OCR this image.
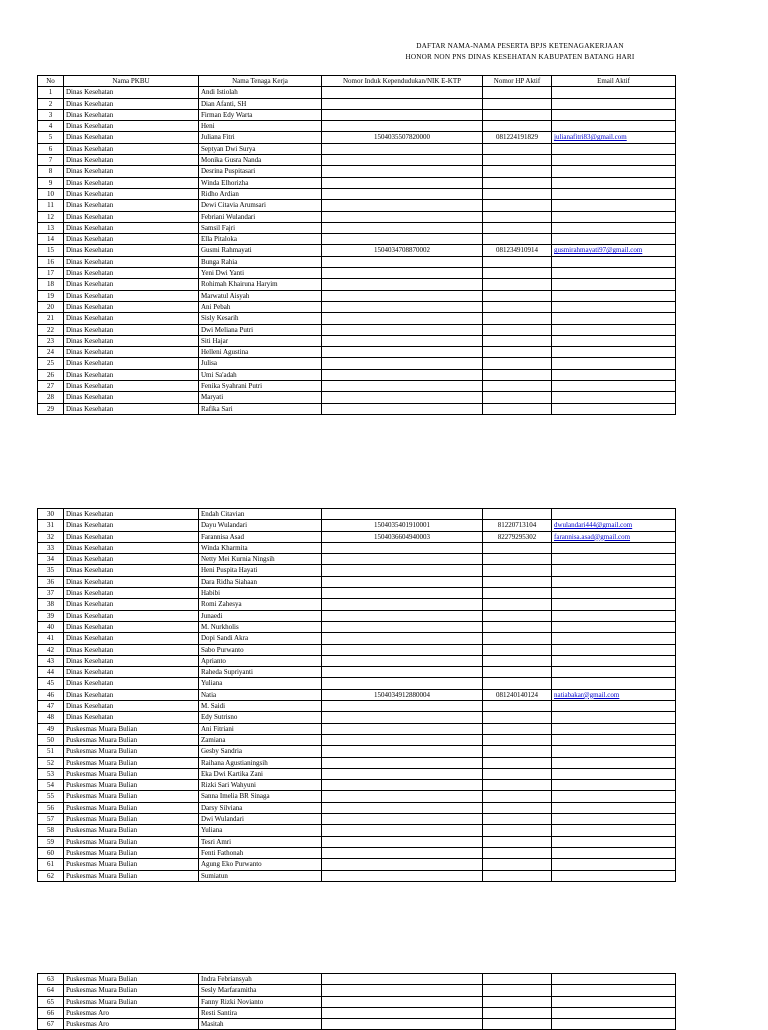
DAFTAR NAMA-NAMA PESERTA BPJS KETENAGAKERJAAN
HONOR NON PNS DINAS KESEHATAN KABUPATEN BATANG HARI
No	Nama PKBU	Nama Tenaga Kerja	Nomor Induk Kependudukan/NIK E-KTP	Nomor HP Aktif	Email Aktif
1	Dinas Kesehatan	Andi Istiolah			
2	Dinas Kesehatan	Dian Afanti, SH			
3	Dinas Kesehatan	Firman Edy Warta			
4	Dinas Kesehatan	Heni			
5	Dinas Kesehatan	Juliana Fitri	1504035507820000	081224191829	julianafitri83@gmail.com
6	Dinas Kesehatan	Septyan Dwi Surya			
7	Dinas Kesehatan	Monika Gusra Nanda			
8	Dinas Kesehatan	Desrina Puspitasari			
9	Dinas Kesehatan	Winda Elhorizha			
10	Dinas Kesehatan	Ridho Ardian			
11	Dinas Kesehatan	Dewi Citavia Arumsari			
12	Dinas Kesehatan	Febriani Wulandari			
13	Dinas Kesehatan	Samsil Fajri			
14	Dinas Kesehatan	Ella Pitaloka			
15	Dinas Kesehatan	Gusmi Rahmayati	1504034708870002	081234910914	gusmirahmayati97@gmail.com
16	Dinas Kesehatan	Bunga Rahia			
17	Dinas Kesehatan	Yeni Dwi Yanti			
18	Dinas Kesehatan	Rohimah Khairuna Haryim			
19	Dinas Kesehatan	Marwatul Aisyah			
20	Dinas Kesehatan	Ani Pebah			
21	Dinas Kesehatan	Sisly Kesarih			
22	Dinas Kesehatan	Dwi Meliana Putri			
23	Dinas Kesehatan	Siti Hajar			
24	Dinas Kesehatan	Helleni Agustina			
25	Dinas Kesehatan	Julisa			
26	Dinas Kesehatan	Umi Sa'adah			
27	Dinas Kesehatan	Fenika Syahrani Putri			
28	Dinas Kesehatan	Maryati			
29	Dinas Kesehatan	Rafika Sari			
30	Dinas Kesehatan	Endah Citavian			
31	Dinas Kesehatan	Dayu Wulandari	1504035401910001	81220713104	dwulandari444@gmail.com
32	Dinas Kesehatan	Farannisa Asad	1504036604940003	82279295302	farannisa.asad@gmail.com
33	Dinas Kesehatan	Winda Kharmita			
34	Dinas Kesehatan	Netty Mei Kurnia Ningsih			
35	Dinas Kesehatan	Heni Puspita Hayati			
36	Dinas Kesehatan	Dara Ridha Siahaan			
37	Dinas Kesehatan	Habibi			
38	Dinas Kesehatan	Romi Zahesya			
39	Dinas Kesehatan	Junaedi			
40	Dinas Kesehatan	M. Nurkholis			
41	Dinas Kesehatan	Dopi Sandi Akra			
42	Dinas Kesehatan	Sabo Purwanto			
43	Dinas Kesehatan	Aprianto			
44	Dinas Kesehatan	Raheda Supriyanti			
45	Dinas Kesehatan	Yuliana			
46	Dinas Kesehatan	Natia	1504034912880004	081240140124	natiabakar@gmail.com
47	Dinas Kesehatan	M. Saidi			
48	Dinas Kesehatan	Edy Sutrisno			
49	Puskesmas Muara Bulian	Ani Fitriani			
50	Puskesmas Muara Bulian	Zamiana			
51	Puskesmas Muara Bulian	Gesby Sandria			
52	Puskesmas Muara Bulian	Raihana Agustianingsih			
53	Puskesmas Muara Bulian	Eka Dwi Kartika Zani			
54	Puskesmas Muara Bulian	Rizki Sari Wahyuni			
55	Puskesmas Muara Bulian	Sanna Imelia BR Sinaga			
56	Puskesmas Muara Bulian	Darsy Silviana			
57	Puskesmas Muara Bulian	Dwi Wulandari			
58	Puskesmas Muara Bulian	Yuliana			
59	Puskesmas Muara Bulian	Tesri Amri			
60	Puskesmas Muara Bulian	Fenti Fathonah			
61	Puskesmas Muara Bulian	Agung Eko Purwanto			
62	Puskesmas Muara Bulian	Sumiatun			
63	Puskesmas Muara Bulian	Indra Febriansyah			
64	Puskesmas Muara Bulian	Sesly Marfaramitha			
65	Puskesmas Muara Bulian	Fanny Rizki Novianto			
66	Puskesmas Aro	Resti Santira			
67	Puskesmas Aro	Masitah			
